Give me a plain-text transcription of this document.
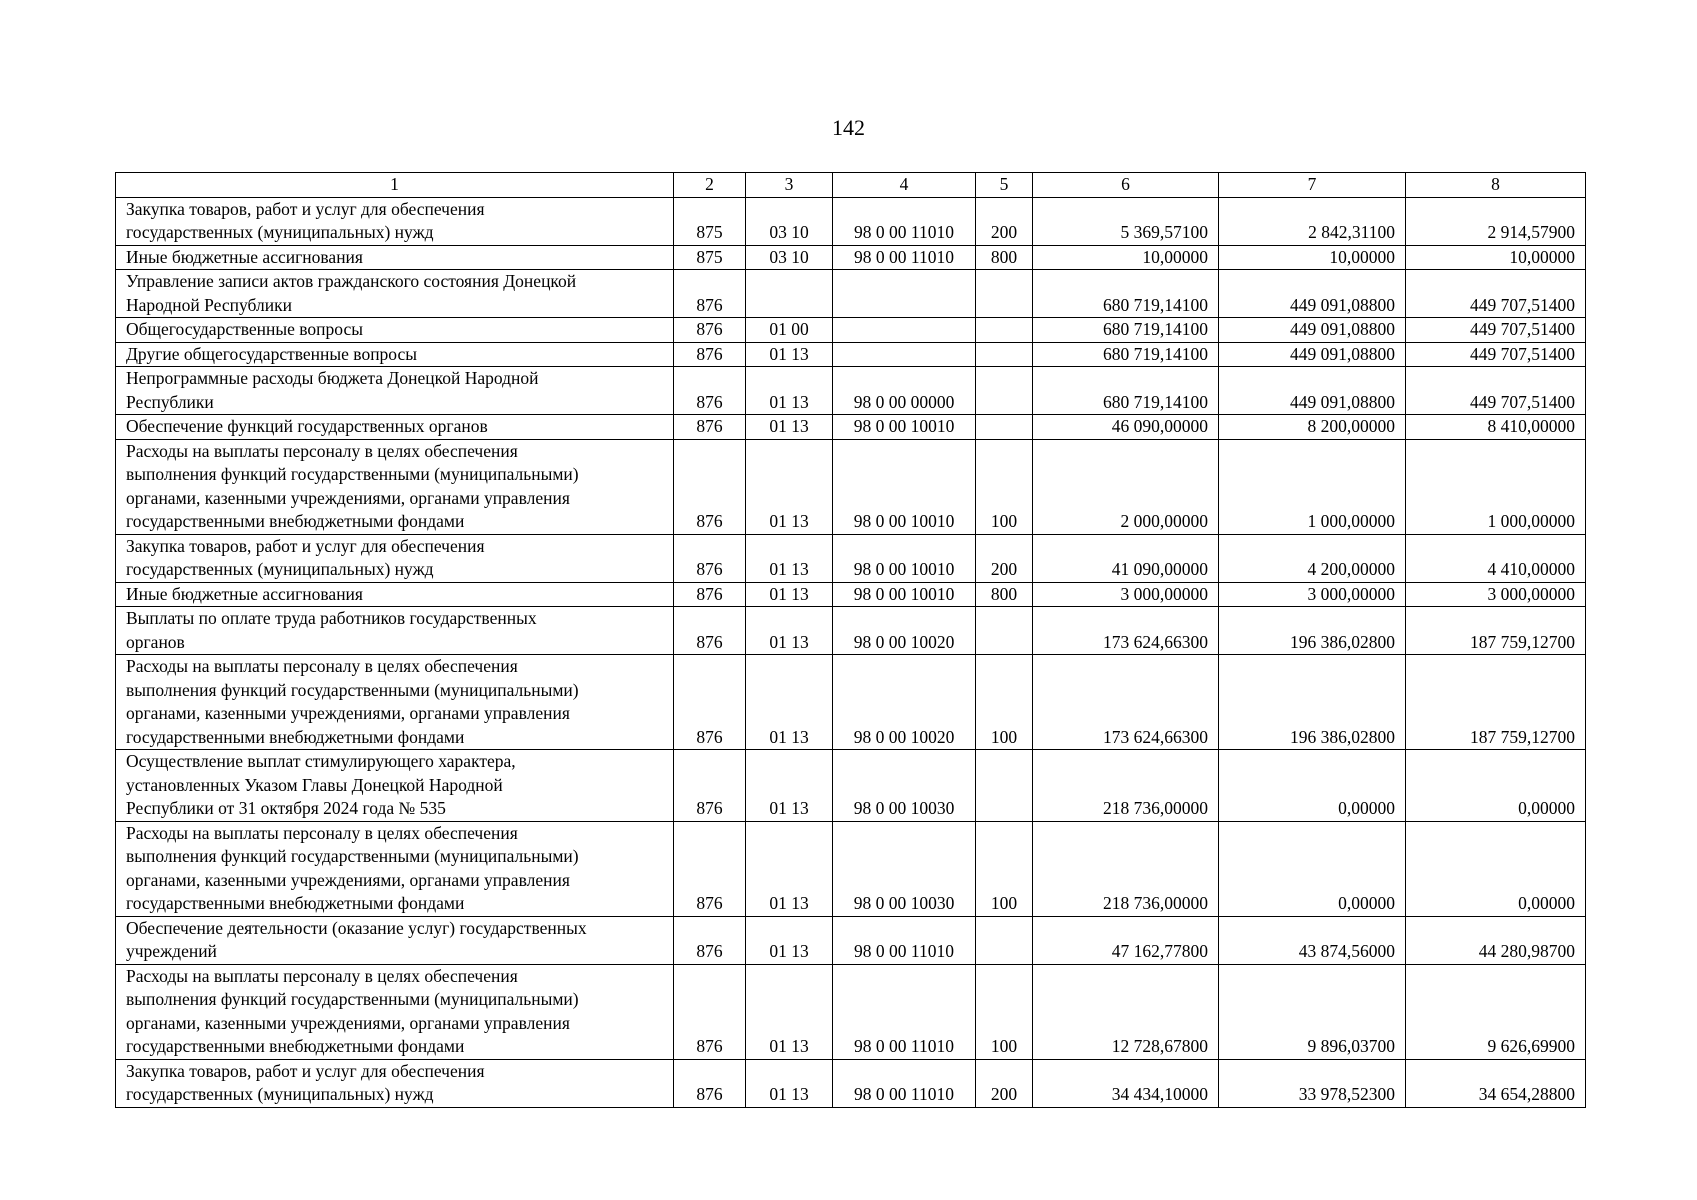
142
1	2	3	4	5	6	7	8

Закупка товаров, работ и услуг для обеспечения
государственных (муниципальных) нужд	875	03 10	98 0 00 11010	200	5 369,57100	2 842,31100	2 914,57900

Иные бюджетные ассигнования	875	03 10	98 0 00 11010	800	10,00000	10,00000	10,00000

Управление записи актов гражданского состояния Донецкой
Народной Республики	876				680 719,14100	449 091,08800	449 707,51400

Общегосударственные вопросы	876	01 00			680 719,14100	449 091,08800	449 707,51400

Другие общегосударственные вопросы	876	01 13			680 719,14100	449 091,08800	449 707,51400

Непрограммные расходы бюджета Донецкой Народной
Республики	876	01 13	98 0 00 00000		680 719,14100	449 091,08800	449 707,51400

Обеспечение функций государственных органов	876	01 13	98 0 00 10010		46 090,00000	8 200,00000	8 410,00000

Расходы на выплаты персоналу в целях обеспечения
выполнения функций государственными (муниципальными)
органами, казенными учреждениями, органами управления
государственными внебюджетными фондами	876	01 13	98 0 00 10010	100	2 000,00000	1 000,00000	1 000,00000

Закупка товаров, работ и услуг для обеспечения
государственных (муниципальных) нужд	876	01 13	98 0 00 10010	200	41 090,00000	4 200,00000	4 410,00000

Иные бюджетные ассигнования	876	01 13	98 0 00 10010	800	3 000,00000	3 000,00000	3 000,00000

Выплаты по оплате труда работников государственных
органов	876	01 13	98 0 00 10020		173 624,66300	196 386,02800	187 759,12700

Расходы на выплаты персоналу в целях обеспечения
выполнения функций государственными (муниципальными)
органами, казенными учреждениями, органами управления
государственными внебюджетными фондами	876	01 13	98 0 00 10020	100	173 624,66300	196 386,02800	187 759,12700

Осуществление выплат стимулирующего характера,
установленных Указом Главы Донецкой Народной
Республики от 31 октября 2024 года № 535	876	01 13	98 0 00 10030		218 736,00000	0,00000	0,00000

Расходы на выплаты персоналу в целях обеспечения
выполнения функций государственными (муниципальными)
органами, казенными учреждениями, органами управления
государственными внебюджетными фондами	876	01 13	98 0 00 10030	100	218 736,00000	0,00000	0,00000

Обеспечение деятельности (оказание услуг) государственных
учреждений	876	01 13	98 0 00 11010		47 162,77800	43 874,56000	44 280,98700

Расходы на выплаты персоналу в целях обеспечения
выполнения функций государственными (муниципальными)
органами, казенными учреждениями, органами управления
государственными внебюджетными фондами	876	01 13	98 0 00 11010	100	12 728,67800	9 896,03700	9 626,69900

Закупка товаров, работ и услуг для обеспечения
государственных (муниципальных) нужд	876	01 13	98 0 00 11010	200	34 434,10000	33 978,52300	34 654,28800
